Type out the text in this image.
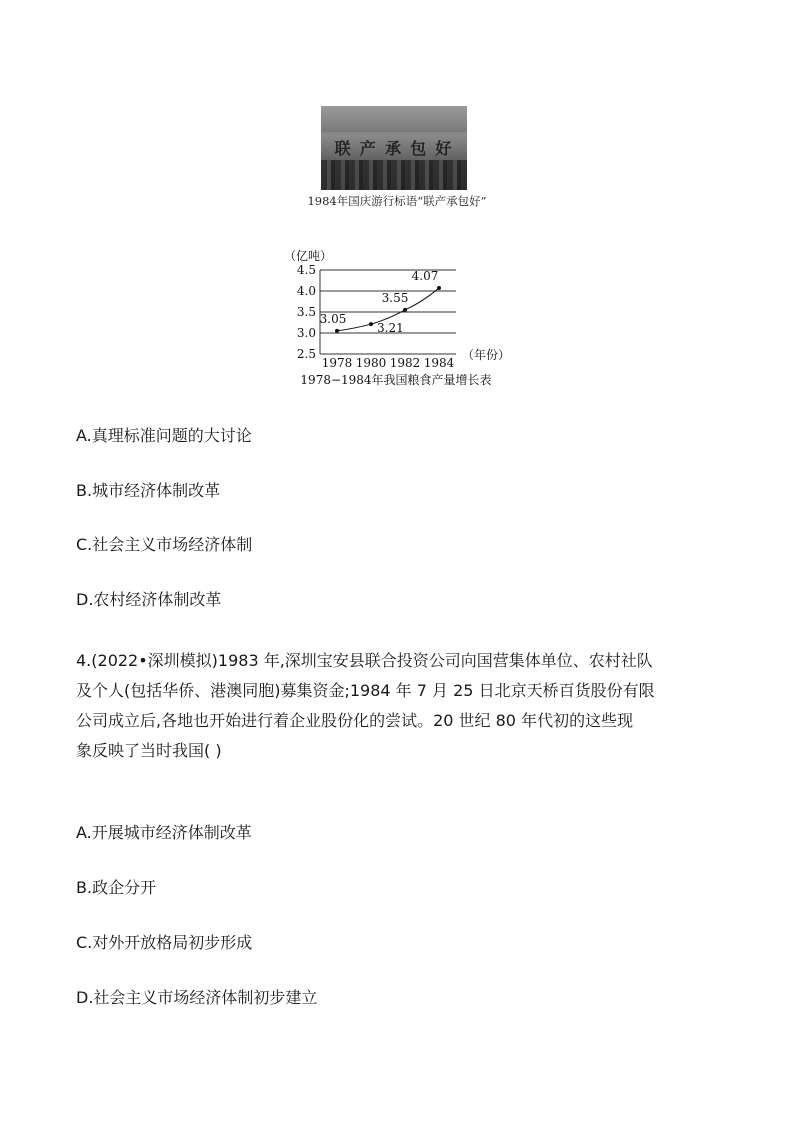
联 产 承 包 好
1984年国庆游行标语“联产承包好”
（亿吨）
4.5
4.0
3.5
3.0
2.5
1978 1980 1982 1984
（年份）
3.05
3.21
3.55
4.07
1978−1984年我国粮食产量增长表
A.真理标准问题的大讨论
B.城市经济体制改革
C.社会主义市场经济体制
D.农村经济体制改革
4.(2022•深圳模拟)1983 年,深圳宝安县联合投资公司向国营集体单位、农村社队
及个人(包括华侨、港澳同胞)募集资金;1984 年 7 月 25 日北京天桥百货股份有限
公司成立后,各地也开始进行着企业股份化的尝试。20 世纪 80 年代初的这些现
象反映了当时我国( )
A.开展城市经济体制改革
B.政企分开
C.对外开放格局初步形成
D.社会主义市场经济体制初步建立
